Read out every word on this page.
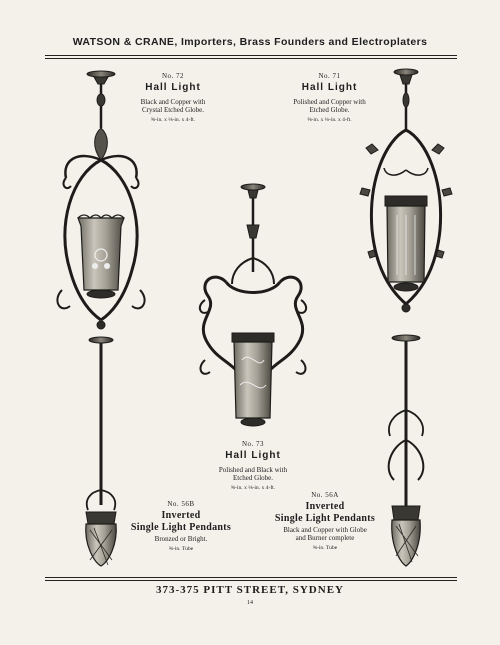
WATSON & CRANE, Importers, Brass Founders and Electroplaters
No. 72
Hall Light
Black and Copper with
Crystal Etched Globe.
⅝-in. x ⅛-in. x 4-ft.
No. 71
Hall Light
Polished and Copper with
Etched Globe.
⅝-in. x ⅛-in. x 4-ft.
No. 73
Hall Light
Polished and Black with
Etched Globe.
⅝-in. x ⅛-in. x 4-ft.
No. 56B
Inverted
Single Light Pendants
Bronzed or Bright.
⅝-in. Tube
No. 56A
Inverted
Single Light Pendants
Black and Copper with Globe
and Burner complete
⅝-in. Tube
373-375 PITT STREET, SYDNEY
14
